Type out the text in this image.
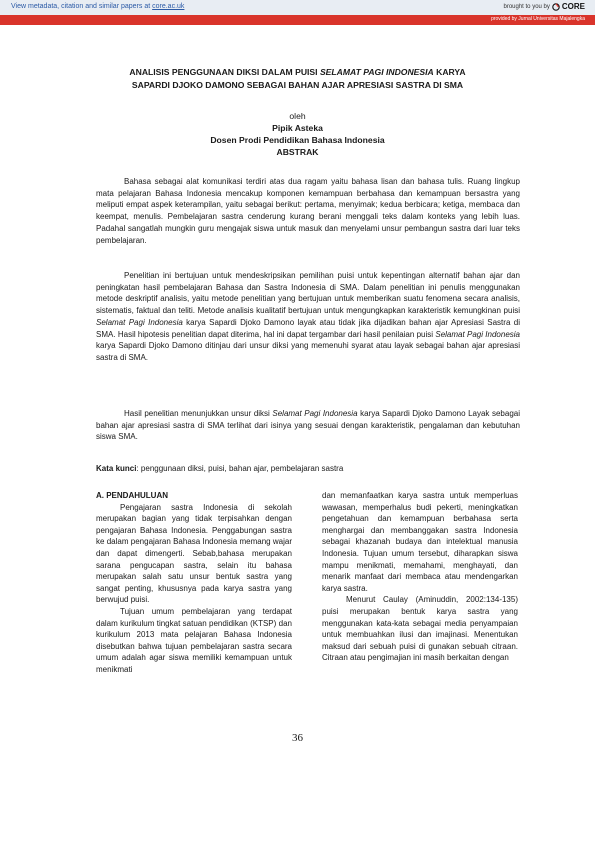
View metadata, citation and similar papers at core.ac.uk	brought to you by CORE
provided by Jurnal Universitas Majalengka
ANALISIS PENGGUNAAN DIKSI DALAM PUISI SELAMAT PAGI INDONESIA KARYA
SAPARDI DJOKO DAMONO SEBAGAI BAHAN AJAR APRESIASI SASTRA DI SMA
oleh
Pipik Asteka
Dosen Prodi Pendidikan Bahasa Indonesia
ABSTRAK
Bahasa sebagai alat komunikasi terdiri atas dua ragam yaitu bahasa lisan dan bahasa tulis. Ruang lingkup mata pelajaran Bahasa Indonesia mencakup komponen kemampuan berbahasa dan kemampuan bersastra yang meliputi empat aspek keterampilan, yaitu sebagai berikut: pertama, menyimak; kedua berbicara; ketiga, membaca dan keempat, menulis. Pembelajaran sastra cenderung kurang berani menggali teks dalam konteks yang lebih luas. Padahal sangatlah mungkin guru mengajak siswa untuk masuk dan menyelami unsur pembangun sastra dari luar teks pembelajaran.
Penelitian ini bertujuan untuk mendeskripsikan pemilihan puisi untuk kepentingan alternatif bahan ajar dan peningkatan hasil pembelajaran Bahasa dan Sastra Indonesia di SMA. Dalam penelitian ini penulis menggunakan metode deskriptif analisis, yaitu metode penelitian yang bertujuan untuk memberikan suatu fenomena secara analisis, sistematis, faktual dan teliti. Metode analisis kualitatif bertujuan untuk mengungkapkan karakteristik kemungkinan puisi Selamat Pagi Indonesia karya Sapardi Djoko Damono layak atau tidak jika dijadikan bahan ajar Apresiasi Sastra di SMA. Hasil hipotesis penelitian dapat diterima, hal ini dapat tergambar dari hasil penilaian puisi Selamat Pagi Indonesia karya Sapardi Djoko Damono ditinjau dari unsur diksi yang memenuhi syarat atau layak sebagai bahan ajar apresiasi sastra di SMA.
Hasil penelitian menunjukkan unsur diksi Selamat Pagi Indonesia karya Sapardi Djoko Damono Layak sebagai bahan ajar apresiasi sastra di SMA terlihat dari isinya yang sesuai dengan karakteristik, pengalaman dan kebutuhan siswa SMA.
Kata kunci: penggunaan diksi, puisi, bahan ajar, pembelajaran sastra

A. PENDAHULUAN

Pengajaran sastra Indonesia di sekolah merupakan bagian yang tidak terpisahkan dengan pengajaran Bahasa Indonesia. Penggabungan sastra ke dalam pengajaran Bahasa Indonesia memang wajar dan dapat dimengerti. Sebab,bahasa merupakan sarana pengucapan sastra, selain itu bahasa merupakan salah satu unsur bentuk sastra yang sangat penting, khususnya pada karya sastra yang berwujud puisi.

Tujuan umum pembelajaran yang terdapat dalam kurikulum tingkat satuan pendidikan (KTSP) dan kurikulum 2013 mata pelajaran Bahasa Indonesia disebutkan bahwa tujuan pembelajaran sastra secara umum adalah agar siswa memiliki kemampuan untuk menikmati

dan memanfaatkan karya sastra untuk memperluas wawasan, memperhalus budi pekerti, meningkatkan pengetahuan dan kemampuan berbahasa serta menghargai dan membanggakan sastra Indonesia sebagai khazanah budaya dan intelektual manusia Indonesia. Tujuan umum tersebut, diharapkan siswa mampu menikmati, memahami, menghayati, dan menarik manfaat dari membaca atau mendengarkan karya sastra.

Menurut Caulay (Aminuddin, 2002:134-135) puisi merupakan bentuk karya sastra yang menggunakan kata-kata sebagai media penyampaian untuk membuahkan ilusi dan imajinasi. Menentukan maksud dari sebuah puisi di gunakan sebuah citraan. Citraan atau pengimajian ini masih berkaitan dengan

36
